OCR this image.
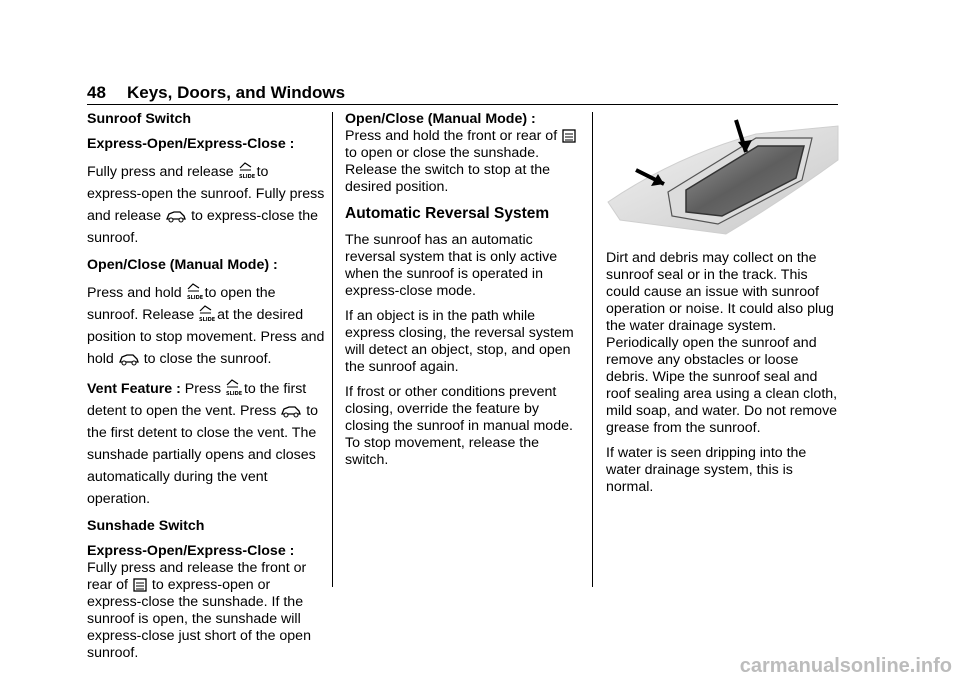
48 Keys, Doors, and Windows

Sunroof Switch

Express-Open/Express-Close :

Fully press and release SLIDE to express-open the sunroof. Fully press and release to express-close the sunroof.

Open/Close (Manual Mode) :

Press and hold SLIDE to open the sunroof. Release SLIDE at the desired position to stop movement. Press and hold to close the sunroof.

Vent Feature : Press SLIDE to the first detent to open the vent. Press to the first detent to close the vent. The sunshade partially opens and closes automatically during the vent operation.

Sunshade Switch

Express-Open/Express-Close :

Fully press and release the front or rear of to express-open or express-close the sunshade. If the sunroof is open, the sunshade will express-close just short of the open sunroof.

Open/Close (Manual Mode) :

Press and hold the front or rear of  to open or close the sunshade. Release the switch to stop at the desired position.

Automatic Reversal System

The sunroof has an automatic reversal system that is only active when the sunroof is operated in express-close mode.

If an object is in the path while express closing, the reversal system will detect an object, stop, and open the sunroof again.

If frost or other conditions prevent closing, override the feature by closing the sunroof in manual mode. To stop movement, release the switch.

Dirt and debris may collect on the sunroof seal or in the track. This could cause an issue with sunroof operation or noise. It could also plug the water drainage system. Periodically open the sunroof and remove any obstacles or loose debris. Wipe the sunroof seal and roof sealing area using a clean cloth, mild soap, and water. Do not remove grease from the sunroof.

If water is seen dripping into the water drainage system, this is normal.

carmanualsonline.info
